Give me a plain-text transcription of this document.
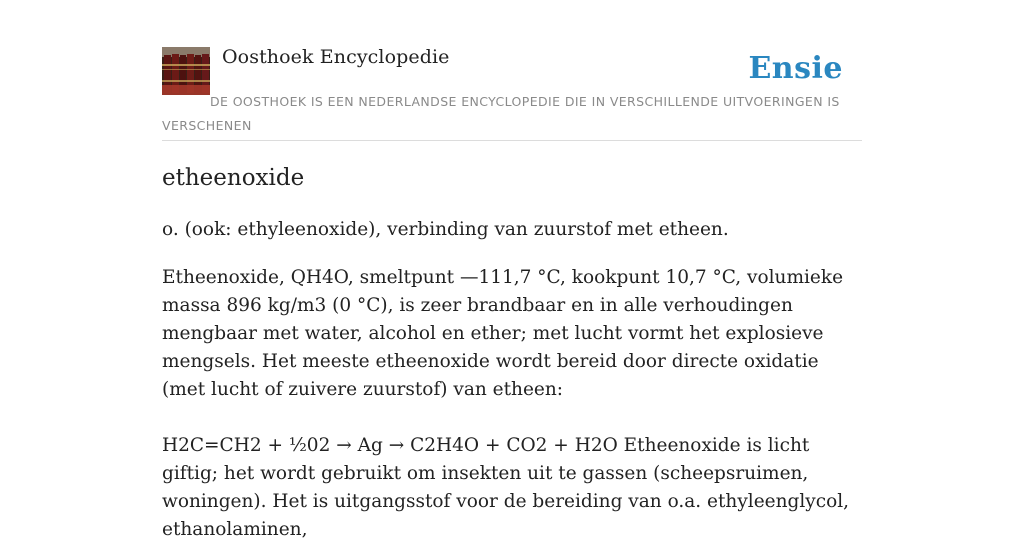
Oosthoek Encyclopedie	Ensie
DE OOSTHOEK IS EEN NEDERLANDSE ENCYCLOPEDIE DIE IN VERSCHILLENDE UITVOERINGEN IS VERSCHENEN
etheenoxide

o. (ook: ethyleenoxide), verbinding van zuurstof met etheen.

Etheenoxide, QH4O, smeltpunt —111,7 °C, kookpunt 10,7 °C, volumieke massa 896 kg/m3 (0 °C), is zeer brandbaar en in alle verhoudingen mengbaar met water, alcohol en ether; met lucht vormt het explosieve mengsels. Het meeste etheenoxide wordt bereid door directe oxidatie (met lucht of zuivere zuurstof) van etheen:

H2C=CH2 + ½02 → Ag → C2H4O + CO2 + H2O Etheenoxide is licht giftig; het wordt gebruikt om insekten uit te gassen (scheepsruimen, woningen). Het is uitgangsstof voor de bereiding van o.a. ethyleenglycol, ethanolaminen,
